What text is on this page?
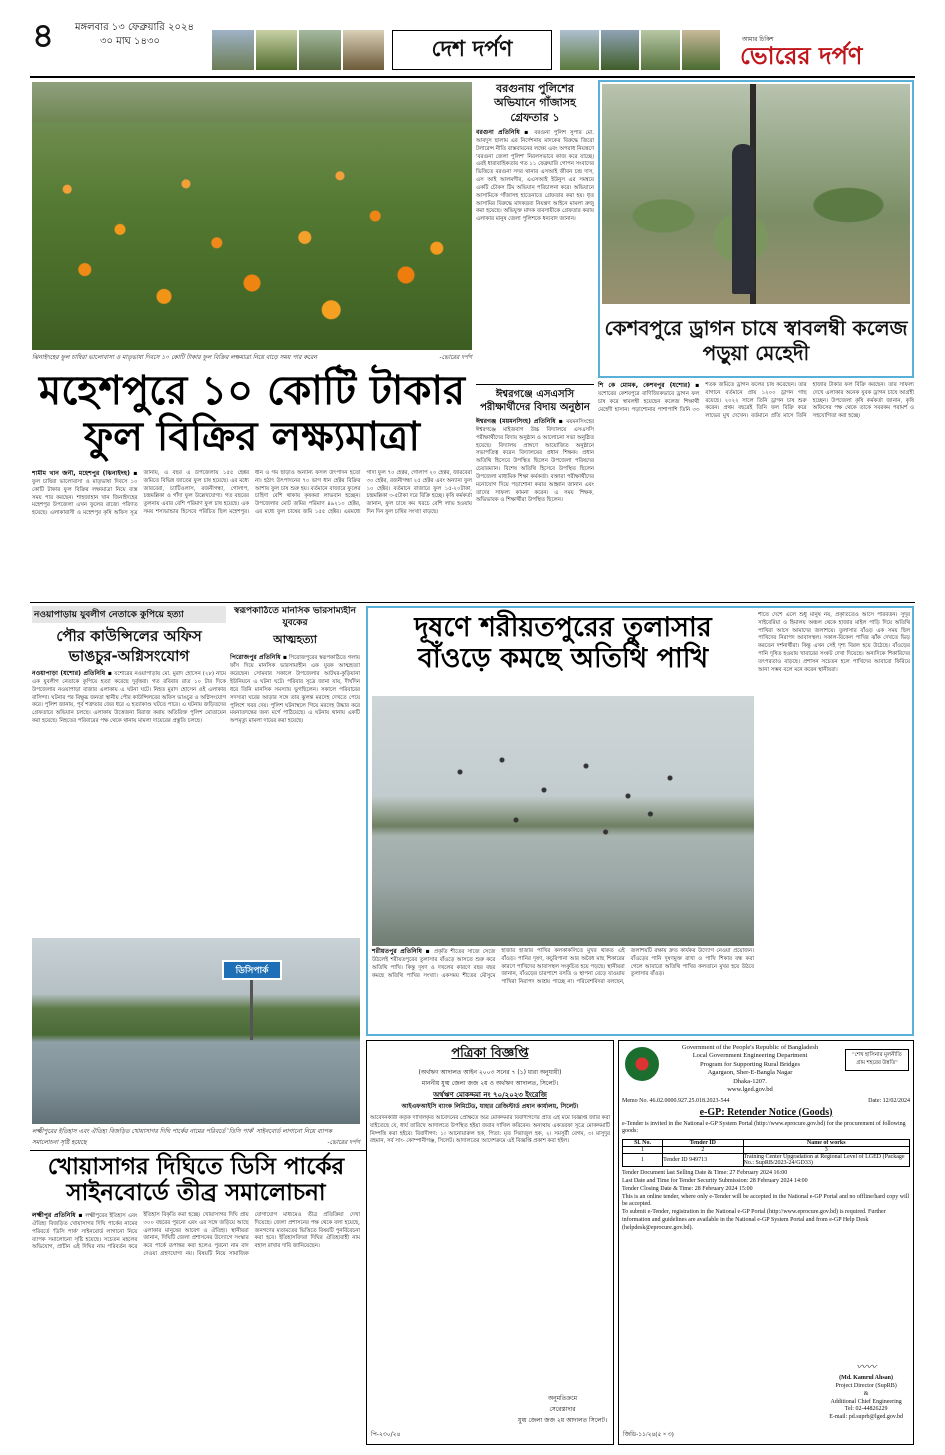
৪ মঙ্গলবার ১৩ ফেব্রুয়ারি ২০২৪
৩০ মাঘ ১৪৩০	দেশ দর্পণ	আমার চিকিশ
ভোরের দর্পণ
ঝিনাইদহের ফুল চাষিরা ভালোবাসা ও মাতৃভাষা দিবসে ১০ কোটি টাকার ফুল বিক্রির লক্ষমাত্রা নিয়ে বাড়ে সময় পার করেন	-ভোরের দর্পণ
মহেশপুরে ১০ কোটি টাকার
ফুল বিক্রির লক্ষ্যমাত্রা
শামীম খান জনী, মহেশপুর (ঝিনাইদহ) ▪ ফুল চাষিরা ভালোবাসা ও মাতৃভাষা দিবসে ১০ কোটি টাকার ফুল বিক্রির লক্ষ্যমাত্রা নিয়ে ব্যস্ত সময় পার করছেন। শাহজাহান খান জিনাইদহের মহেশপুর উপজেলা এখন ফুলের রাজ্যে পরিণত হয়েছে। এলাকাবাসী ও মহেশপুর কৃষি অফিস সূত্র জানায়, এ বছর এ উপজেলায় ১৫৫ হেক্টর জমিতে বিভিন্ন জাতের ফুল চাষ হয়েছে। এর মধ্যে জারবেরা, চ্যাটিওলাস, রজনীগন্ধা, গোলাপ, চন্দ্রমল্লিকা ও গাঁদা ফুল উল্লেখযোগ্য। গত বছরের তুলনায় এবার বেশি পরিমাণ ফুল চাষ হয়েছে। এক সময় শস্যভান্ডার হিসেবে পরিচিত ছিল মহেশপুর। ধান ও গম ছাড়াও অন্যান্য ফসল উৎপাদন হতো না। হঠাৎ উৎপাদনের ৭০ ভাগ ধান হেক্টর বিক্রির আশায় ফুল চাষ শুরু হয়। বর্তমানে বাজারে ফুলের চাহিদা বেশি থাকায় কৃষকরা লাভবান হচ্ছেন। উপজেলার মোট জমির পরিমাণ ৪৯২১০ হেক্টর, এর মধ্যে ফুল চাষের জমি ১৫৫ হেক্টর। এরমধ্যে গাঁদা ফুল ৭০ হেক্টর, গোলাপ ২০ হেক্টর, জারবেরা ৩০ হেক্টর, রজনীগন্ধা ২৫ হেক্টর এবং অন্যান্য ফুল ১০ হেক্টর। বর্তমানে বাজারে ফুল ১৫-২০টাকা, চন্দ্রমল্লিকা ৩-৫টাকা দরে বিক্রি হচ্ছে। কৃষি কর্মকর্তা জানান, ফুল চাষে কম খরচে বেশি লাভ হওয়ায় দিন দিন ফুল চাষির সংখ্যা বাড়ছে।
বরগুনায় পুলিশের অভিযানে গাঁজাসহ গ্রেফতার ১
বরগুনা প্রতিনিধি ▪ বরগুনা পুলিশ সুপার মো. আবদুস ছালাম এর নির্দেশনায় মাদকের বিরুদ্ধে জিরো টলারেন্স নীতি বাস্তবায়নের লক্ষ্যে এবং অপরাধ নিয়ন্ত্রণে 'বরগুনা জেলা পুলিশ' নিরলসভাবে কাজ করে যাচ্ছে। এরই ধারাবাহিকতায় গত ১১ ফেব্রুয়ারি গোপন সংবাদের ভিত্তিতে বরগুনা সদর থানার এসআই জীবন চন্দ্র দাস, এস আই আলমগীর, এএসআই ইউনুস এর সমন্বয়ে একটি চৌকস টিম অভিযান পরিচালনা করে। অভিযানে আসামিকে গাঁজাসহ হাতেনাতে গ্রেফতার করা হয়। ধৃত আসামির বিরুদ্ধে মাদকদ্রব্য নিয়ন্ত্রণ আইনে মামলা রুজু করা হয়েছে। অভিযুক্ত মাদক ব্যবসায়ীকে গ্রেফতার করায় এলাকার মানুষ জেলা পুলিশকে ধন্যবাদ জানান।
ঈশ্বরগঞ্জে এসএসসি পরীক্ষার্থীদের বিদায় অনুষ্ঠান
ঈশ্বরগঞ্জ (ময়মনসিংহ) প্রতিনিধি ▪ ময়মনসিংহের ঈশ্বরগঞ্জে মাইজবাগ উচ্চ বিদ্যালয়ে এসএসসি পরীক্ষার্থীদের বিদায় অনুষ্ঠান ও আলোচনা সভা অনুষ্ঠিত হয়েছে। বিদ্যালয় প্রাঙ্গণে আয়োজিত অনুষ্ঠানে সভাপতিত্ব করেন বিদ্যালয়ের প্রধান শিক্ষক। প্রধান অতিথি হিসেবে উপস্থিত ছিলেন উপজেলা পরিষদের চেয়ারম্যান। বিশেষ অতিথি হিসেবে উপস্থিত ছিলেন উপজেলা মাধ্যমিক শিক্ষা কর্মকর্তা। বক্তারা পরীক্ষার্থীদের মনোযোগ দিয়ে পড়াশোনা করার আহ্বান জানান এবং তাদের সাফল্য কামনা করেন। এ সময় শিক্ষক, অভিভাবক ও শিক্ষার্থীরা উপস্থিত ছিলেন।
কেশবপুরে ড্রাগন চাষে স্বাবলম্বী কলেজ পড়ুয়া মেহেদী
শি কে মোমক, কেশবপুর (যশোর) ▪ যশোরের কেশবপুরে বাণিজ্যিকভাবে ড্রাগন ফল চাষ করে স্বাবলম্বী হয়েছেন কলেজ শিক্ষার্থী মেহেদী হাসান। পড়াশোনার পাশাপাশি তিনি ৩৩ শতক জমিতে ড্রাগন ফলের চাষ করেছেন। তার বাগানে বর্তমানে প্রায় ১২০০ ড্রাগন গাছ রয়েছে। ২০২২ সালে তিনি ড্রাগন চাষ শুরু করেন। প্রথম বছরেই তিনি ফল বিক্রি করে লাভের মুখ দেখেন। বর্তমানে প্রতি মাসে তিনি হাজার টাকার ফল বিক্রি করছেন। তার সাফল্য দেখে এলাকার অনেক যুবক ড্রাগন চাষে আগ্রহী হচ্ছেন। উপজেলা কৃষি কর্মকর্তা জানান, কৃষি অফিসের পক্ষ থেকে তাকে সবরকম পরামর্শ ও সহযোগিতা করা হচ্ছে।
নওয়াপাড়ায় যুবলীগ নেতাকে কুপিয়ে হত্যা
পৌর কাউন্সিলের অফিস ভাঙচুর-অগ্নিসংযোগ
নওয়াপাড়া (যশোর) প্রতিনিধি ▪ যশোরের নওয়াপাড়ায় মো. মুরাদ হোসেন (২৮) নামে এক যুবলীগ নেতাকে কুপিয়ে হত্যা করেছে দুর্বৃত্তরা। গত রবিবার রাত ১০ টার দিকে উপজেলার নওয়াপাড়া বাজার এলাকায় এ ঘটনা ঘটে। নিহত মুরাদ হোসেন ওই এলাকার বাসিন্দা। ঘটনার পর বিক্ষুব্ধ জনতা স্থানীয় পৌর কাউন্সিলরের অফিস ভাঙচুর ও অগ্নিসংযোগ করে। পুলিশ জানায়, পূর্ব শত্রুতার জের ধরে এ হত্যাকাণ্ড ঘটতে পারে। এ ঘটনায় জড়িতদের গ্রেফতারে অভিযান চলছে। এলাকায় উত্তেজনা বিরাজ করায় অতিরিক্ত পুলিশ মোতায়েন করা হয়েছে। নিহতের পরিবারের পক্ষ থেকে থানায় মামলা দায়েরের প্রস্তুতি চলছে।
স্বরূপকাঠিতে মানসিক ভারসাম্যহীন যুবকের
আত্মহত্যা
পিরোজপুর প্রতিনিধি ▪ পিরোজপুরের স্বরূপকাঠিতে গলায় ফাঁস দিয়ে মানসিক ভারসাম্যহীন এক যুবক আত্মহত্যা করেছেন। সোমবার সকালে উপজেলার আটঘর-কুড়িয়ানা ইউনিয়নে এ ঘটনা ঘটে। পরিবার সূত্রে জানা যায়, দীর্ঘদিন ধরে তিনি মানসিক সমস্যায় ভুগছিলেন। সকালে পরিবারের সদস্যরা ঘরের আড়ার সঙ্গে তার ঝুলন্ত মরদেহ দেখতে পেয়ে পুলিশে খবর দেয়। পুলিশ ঘটনাস্থলে গিয়ে মরদেহ উদ্ধার করে ময়নাতদন্তের জন্য মর্গে পাঠিয়েছে। এ ঘটনায় থানায় একটি অপমৃত্যু মামলা দায়ের করা হয়েছে।
দূষণে শরীয়তপুরের তুলাসার
বাঁওড়ে কমছে অতিথি পাখি
শীতে দেশে এলে শুধু মানুষ নয়, প্রকৃতিতেও আসে পরিবর্তন। সুদূর সাইবেরিয়া ও হিমালয় অঞ্চল থেকে হাজার মাইল পাড়ি দিয়ে অতিথি পাখিরা আসে আমাদের জলাশয়ে। তুলাসার বাঁওড় এক সময় ছিল পাখিদের নিরাপদ আবাসস্থল। সকাল-বিকেল পাখির ঝাঁক দেখতে ভিড় করতেন দর্শনার্থীরা। কিন্তু এখন সেই দৃশ্য বিরল হয়ে উঠেছে। বাঁওড়ের পানি দূষিত হওয়ায় খাবারের সংকট দেখা দিয়েছে। অন্যদিকে শিকারিদের তৎপরতাও বাড়ছে। প্রশাসন সচেতন হলে পাখিদের আবারো ফিরিয়ে আনা সম্ভব বলে মনে করেন স্থানীয়রা।
শরীয়তপুর প্রতিনিধি ▪ প্রকৃতি শীতের সাজে সেজে উঠলেই শরীয়তপুরের তুলাসার বাঁওড়ে আসতে শুরু করে অতিথি পাখি। কিন্তু দূষণ ও দখলের কারণে বছর বছর কমছে অতিথি পাখির সংখ্যা। একসময় শীতের মৌসুমে হাজার হাজার পাখির কলকাকলিতে মুখর থাকত এই বাঁওড়। পানির দূষণ, কচুরিপানা আর অবৈধ মাছ শিকারের কারণে পাখিদের আবাসস্থল সংকুচিত হয়ে পড়ছে। স্থানীয়রা জানান, বাঁওড়ের চারপাশে বসতি ও স্থাপনা বেড়ে যাওয়ায় পাখিরা নিরাপদ আশ্রয় পাচ্ছে না। পরিবেশবিদরা বলছেন, জলাশয়টি রক্ষায় দ্রুত কার্যকর উদ্যোগ নেওয়া প্রয়োজন। বাঁওড়ের পানি দূষণমুক্ত রাখা ও পাখি শিকার বন্ধ করা গেলে আবারো অতিথি পাখির কলতানে মুখর হয়ে উঠবে তুলাসার বাঁওড়।
ডিসিপার্ক
লক্ষ্মীপুরের ইতিহাস এবং ঐতিহ্য বিজড়িত খোয়াসাগর দিঘি পার্কের নামের পরিবর্তে 'ডিসি পার্ক' সাইনবোর্ড লাগানো নিয়ে ব্যাপক সমালোচনা সৃষ্টি হয়েছে	-ভোরের দর্পণ
খোয়াসাগর দিঘিতে ডিসি পার্কের
সাইনবোর্ডে তীব্র সমালোচনা
লক্ষ্মীপুর প্রতিনিধি ▪ লক্ষ্মীপুরের ইতিহাস এবং ঐতিহ্য বিজড়িত খোয়াসাগর দিঘি পার্কের নামের পরিবর্তে 'ডিসি পার্ক' সাইনবোর্ড লাগানো নিয়ে ব্যাপক সমালোচনা সৃষ্টি হয়েছে। সচেতন মহলের অভিযোগ, প্রাচীন এই দিঘির নাম পরিবর্তন করে ইতিহাস বিকৃতি করা হচ্ছে। খোয়াসাগর দিঘি প্রায় ৩০০ বছরের পুরনো এবং এর সঙ্গে জড়িয়ে আছে এলাকার মানুষের আবেগ ও ঐতিহ্য। স্থানীয়রা জানান, দিঘিটি জেলা প্রশাসনের উদ্যোগে সংস্কার করে পার্কে রূপান্তর করা হলেও পুরনো নাম বাদ দেওয়া গ্রহণযোগ্য নয়। বিষয়টি নিয়ে সামাজিক যোগাযোগ মাধ্যমেও তীব্র প্রতিক্রিয়া দেখা দিয়েছে। জেলা প্রশাসনের পক্ষ থেকে বলা হয়েছে, জনগণের মতামতের ভিত্তিতে বিষয়টি পুনর্বিবেচনা করা হবে। ইতিহাসবিদরা দিঘির ঐতিহ্যবাহী নাম বহাল রাখার দাবি জানিয়েছেন।
পত্রিকা বিজ্ঞপ্তি
(অর্থঋণ আদালত আইন ২০০৩ সনের ৭ (১) ধারা অনুযায়ী)
মাননীয় যুগ্ম জেলা জজ ২য় ও অর্থঋণ আদালত, সিলেট।
অর্থঋণ মোকদ্দমা নং ৭০/২০২৩ ইংরেজি
আইএফআইসি ব্যাংক লিমিটেড, যাহার রেজিস্টার্ড প্রধান কার্যালয়, সিলেট।
আবেদনকারী কর্তৃক দাখিলকৃত আবেদনের প্রেক্ষিতে অত্র মোকদ্দমার বিবাদীগণের প্রতি এই মর্মে বিজ্ঞপ্তি জারি করা যাইতেছে যে, ধার্য তারিখে আদালতে উপস্থিত হইয়া জবাব দাখিল করিবেন। অন্যথায় একতরফা সূত্রে মোকদ্দমাটি নিষ্পত্তি করা হইবে। বিবাদীগণ: ১। আনোয়ারুল হক, পিতা: মৃত সিরাজুল হক, ২। সমসুর্রী বেগম, ৩। মাসুদুর রহমান, সর্ব সাং- কোম্পানীগঞ্জ, সিলেট। আদালতের আদেশক্রমে এই বিজ্ঞপ্তি প্রকাশ করা হইল।
অনুমতিক্রমে
সেরেস্তাদার
যুগ্ম জেলা জজ ২য় আদালত সিলেট।
পি-২৩০/২৪
Government of the People's Republic of Bangladesh
Local Government Engineering Department
Program for Supporting Rural Bridges
Agargaon, Sher-E-Bangla Nagar
Dhaka-1207.
www.lged.gov.bd
"শেখ হাসিনার মূলনীতি গ্রাম শহরের উন্নতি"
Memo No. 46.02.0000.927.25.018.2023-544	Date: 12/02/2024
e-GP: Retender Notice (Goods)
e-Tender is invited in the National e-GP System Portal (http://www.eprocure.gov.bd) for the procurement of following goods:
Sl. No.	Tender ID	Name of works
1	2	3
1	Tender ID 949713	Training Center Upgradation at Regional Level of LGED (Package No.: SupRB/2023-24/GD33)
Tender Document last Selling Date & Time: 27 February 2024 16:00
Last Date and Time for Tender Security Submission: 28 February 2024 14:00
Tender Closing Date & Time: 28 February 2024 15:00
This is an online tender, where only e-Tender will be accepted in the National e-GP Portal and no offline/hard copy will be accepted.
To submit e-Tender, registration in the National e-GP Portal (http://www.eprocure.gov.bd) is required. Further information and guidelines are available in the National e-GP System Portal and from e-GP Help Desk (helpdesk@eprocure.gov.bd).
〰〰
(Md. Kamrul Ahsan)
Project Director (SupRB)
&
Additional Chief Engineering
Tel: 02-44826229
E-mail: pd.suprb@lged.gov.bd
জিডি-১১/২৪(৫ × ৩)
